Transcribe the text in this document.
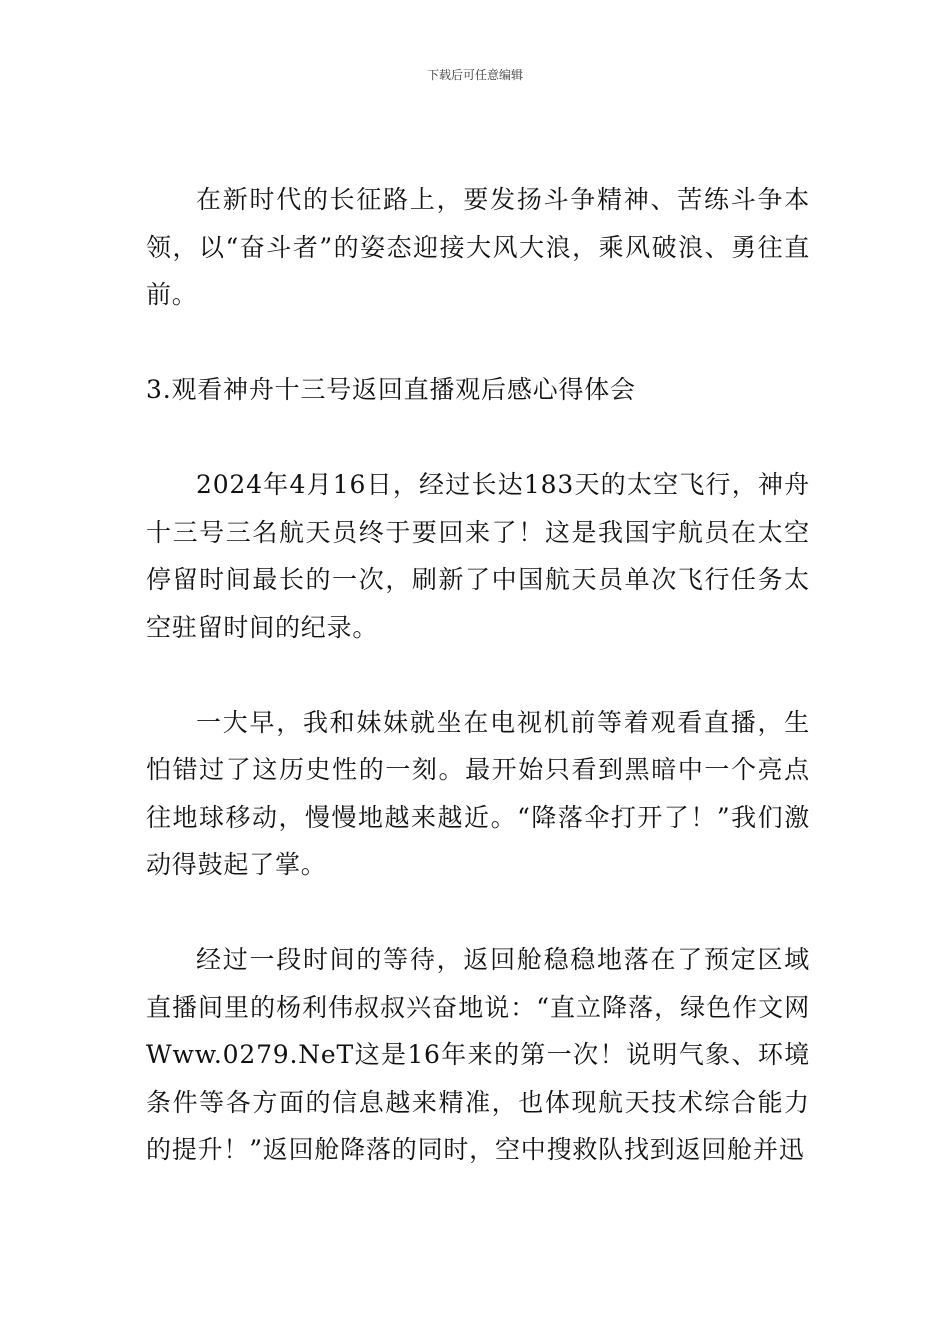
下载后可任意编辑

在新时代的长征路上，要发扬斗争精神、苦练斗争本领，以“奋斗者”的姿态迎接大风大浪，乘风破浪、勇往直前。

3.观看神舟十三号返回直播观后感心得体会

2024年4月16日，经过长达183天的太空飞行，神舟十三号三名航天员终于要回来了！这是我国宇航员在太空停留时间最长的一次，刷新了中国航天员单次飞行任务太空驻留时间的纪录。

一大早，我和妹妹就坐在电视机前等着观看直播，生怕错过了这历史性的一刻。最开始只看到黑暗中一个亮点往地球移动，慢慢地越来越近。“降落伞打开了！”我们激动得鼓起了掌。

经过一段时间的等待，返回舱稳稳地落在了预定区域直播间里的杨利伟叔叔兴奋地说：“直立降落，绿色作文网Www.0279.NeT这是16年来的第一次！说明气象、环境条件等各方面的信息越来精准，也体现航天技术综合能力的提升！”返回舱降落的同时，空中搜救队找到返回舱并迅
